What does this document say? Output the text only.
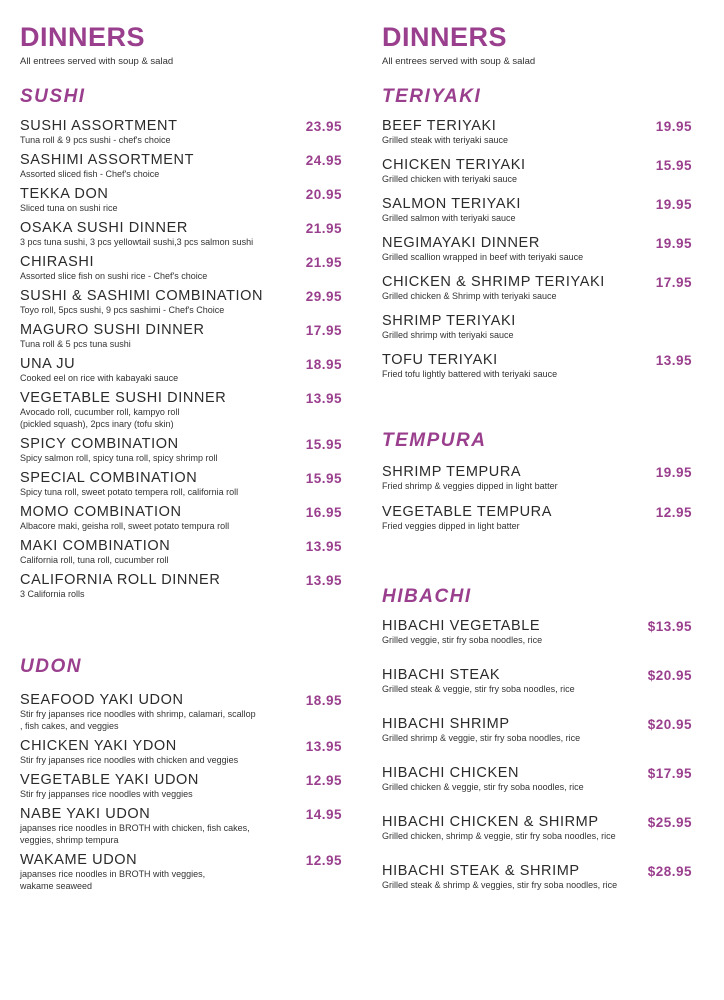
DINNERS
All entrees served with soup & salad
SUSHI
SUSHI ASSORTMENT
Tuna roll & 9 pcs sushi - chef's choice
23.95
SASHIMI ASSORTMENT
Assorted sliced fish - Chef's choice
24.95
TEKKA DON
Sliced tuna on sushi rice
20.95
OSAKA SUSHI DINNER
3 pcs tuna sushi, 3 pcs yellowtail sushi,3 pcs salmon sushi
21.95
CHIRASHI
Assorted slice fish on sushi rice - Chef's choice
21.95
SUSHI & SASHIMI COMBINATION
Toyo roll, 5pcs sushi, 9 pcs sashimi - Chef's Choice
29.95
MAGURO SUSHI DINNER
Tuna roll & 5 pcs tuna sushi
17.95
UNA JU
Cooked eel on rice with kabayaki sauce
18.95
VEGETABLE SUSHI DINNER
Avocado roll, cucumber roll, kampyo roll
(pickled squash), 2pcs inary (tofu skin)
13.95
SPICY COMBINATION
Spicy salmon roll, spicy tuna roll, spicy shrimp roll
15.95
SPECIAL COMBINATION
Spicy tuna roll, sweet potato tempera roll, california roll
15.95
MOMO COMBINATION
Albacore maki, geisha roll, sweet potato tempura roll
16.95
MAKI COMBINATION
California roll, tuna roll, cucumber roll
13.95
CALIFORNIA ROLL DINNER
3 California rolls
13.95
UDON
SEAFOOD YAKI UDON
Stir fry japanses rice noodles with shrimp, calamari, scallop
, fish cakes, and veggies
18.95
CHICKEN YAKI YDON
Stir fry japanses rice noodles with chicken and veggies
13.95
VEGETABLE YAKI UDON
Stir fry jappanses rice noodles with veggies
12.95
NABE YAKI UDON
japanses rice noodles in BROTH with chicken, fish cakes,
veggies, shrimp tempura
14.95
WAKAME UDON
japanses rice noodles in BROTH with veggies,
wakame seaweed
12.95
DINNERS
All entrees served with soup & salad
TERIYAKI
BEEF TERIYAKI
Grilled steak with teriyaki sauce
19.95
CHICKEN TERIYAKI
Grilled chicken with teriyaki sauce
15.95
SALMON TERIYAKI
Grilled salmon with teriyaki sauce
19.95
NEGIMAYAKI DINNER
Grilled scallion wrapped in beef with teriyaki sauce
19.95
CHICKEN & SHRIMP TERIYAKI
Grilled chicken & Shrimp with teriyaki sauce
17.95
SHRIMP TERIYAKI
Grilled shrimp with teriyaki sauce
TOFU TERIYAKI
Fried tofu lightly battered with teriyaki sauce
13.95
TEMPURA
SHRIMP TEMPURA
Fried shrimp & veggies dipped in light batter
19.95
VEGETABLE TEMPURA
Fried veggies dipped in light batter
12.95
HIBACHI
HIBACHI VEGETABLE
Grilled veggie, stir fry soba noodles, rice
$13.95
HIBACHI STEAK
Grilled steak & veggie, stir fry soba noodles, rice
$20.95
HIBACHI SHRIMP
Grilled shrimp & veggie, stir fry soba noodles, rice
$20.95
HIBACHI CHICKEN
Grilled chicken & veggie, stir fry soba noodles, rice
$17.95
HIBACHI CHICKEN & SHIRMP
Grilled chicken, shrimp & veggie, stir fry soba noodles, rice
$25.95
HIBACHI STEAK & SHRIMP
Grilled steak & shrimp & veggies, stir fry soba noodles, rice
$28.95
